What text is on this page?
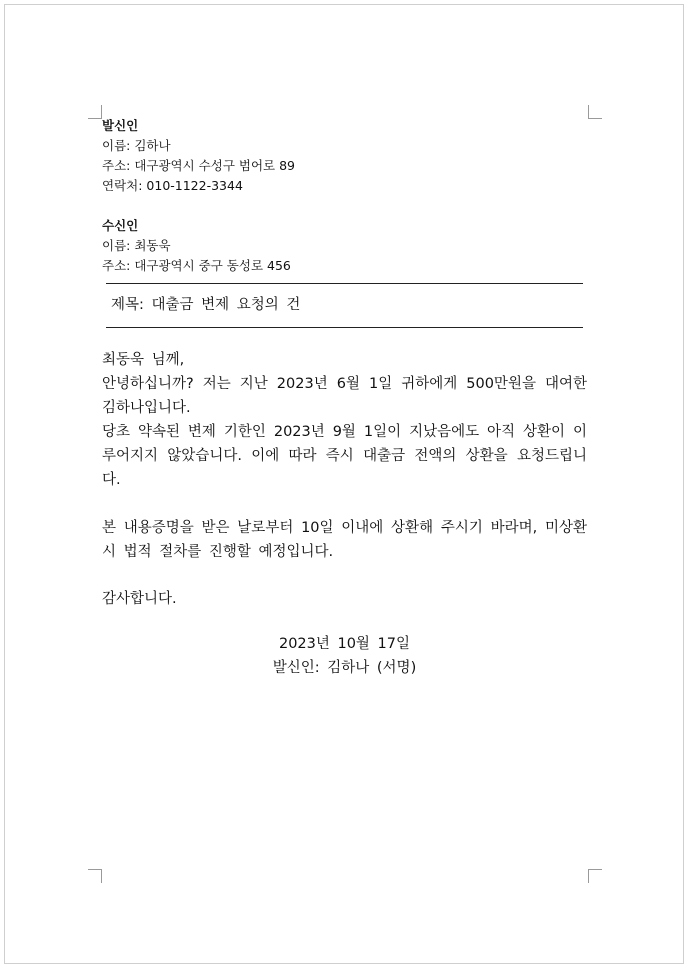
발신인
이름: 김하나
주소: 대구광역시 수성구 범어로 89
연락처: 010-1122-3344
수신인
이름: 최동욱
주소: 대구광역시 중구 동성로 456
제목: 대출금 변제 요청의 건

최동욱 님께,

안녕하십니까? 저는 지난 2023년 6월 1일 귀하에게 500만원을 대여한 김하나입니다.

당초 약속된 변제 기한인 2023년 9월 1일이 지났음에도 아직 상환이 이루어지지 않았습니다. 이에 따라 즉시 대출금 전액의 상환을 요청드립니다.

본 내용증명을 받은 날로부터 10일 이내에 상환해 주시기 바라며, 미상환 시 법적 절차를 진행할 예정입니다.

감사합니다.

2023년 10월 17일
발신인: 김하나 (서명)
